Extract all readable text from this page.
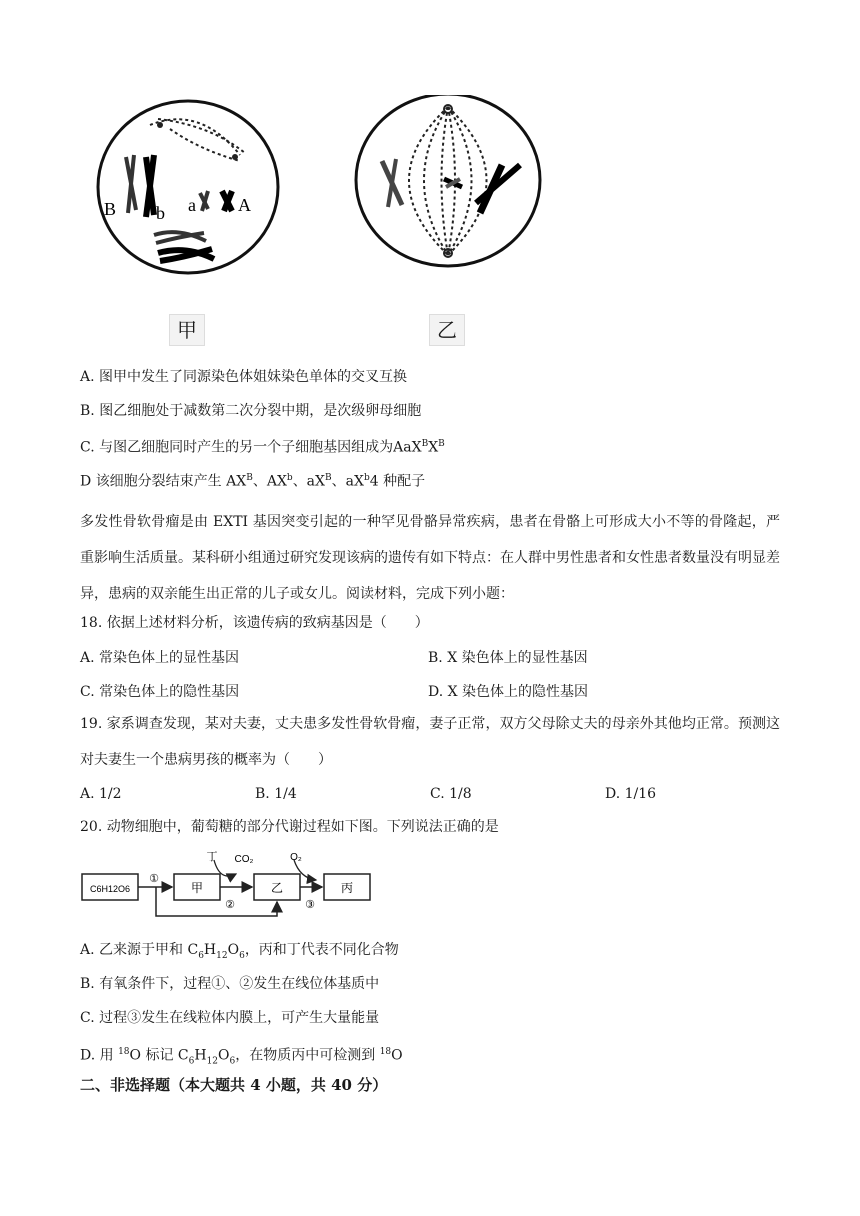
B b a A
甲	乙
A. 图甲中发生了同源染色体姐妹染色单体的交叉互换
B. 图乙细胞处于减数第二次分裂中期，是次级卵母细胞
C. 与图乙细胞同时产生的另一个子细胞基因组成为$AaX^BX^B$
D 该细胞分裂结束产生 $AX^B$、$AX^b$、$aX^B$、$aX^b4$ 种配子
多发性骨软骨瘤是由 EXTI 基因突变引起的一种罕见骨骼异常疾病，患者在骨骼上可形成大小不等的骨隆起，严重影响生活质量。某科研小组通过研究发现该病的遗传有如下特点：在人群中男性患者和女性患者数量没有明显差异，患病的双亲能生出正常的儿子或女儿。阅读材料，完成下列小题：
18. 依据上述材料分析，该遗传病的致病基因是（　　）
A. 常染色体上的显性基因	B. X 染色体上的显性基因
C. 常染色体上的隐性基因	D. X 染色体上的隐性基因
19. 家系调查发现，某对夫妻，丈夫患多发性骨软骨瘤，妻子正常，双方父母除丈夫的母亲外其他均正常。预测这对夫妻生一个患病男孩的概率为（　　）
A. 1/2	B. 1/4	C. 1/8	D. 1/16
20. 动物细胞中，葡萄糖的部分代谢过程如下图。下列说法正确的是
C6H12O6	甲	乙	丙
①
②	③
丁 CO₂	O₂
A. 乙来源于甲和 $C_6H_{12}O_6$，丙和丁代表不同化合物
B. 有氧条件下，过程①、②发生在线位体基质中
C. 过程③发生在线粒体内膜上，可产生大量能量
D. 用 $^{18}$O 标记 $C_6H_{12}O_6$，在物质丙中可检测到 $^{18}$O
二、非选择题（本大题共 4 小题，共 40 分）
